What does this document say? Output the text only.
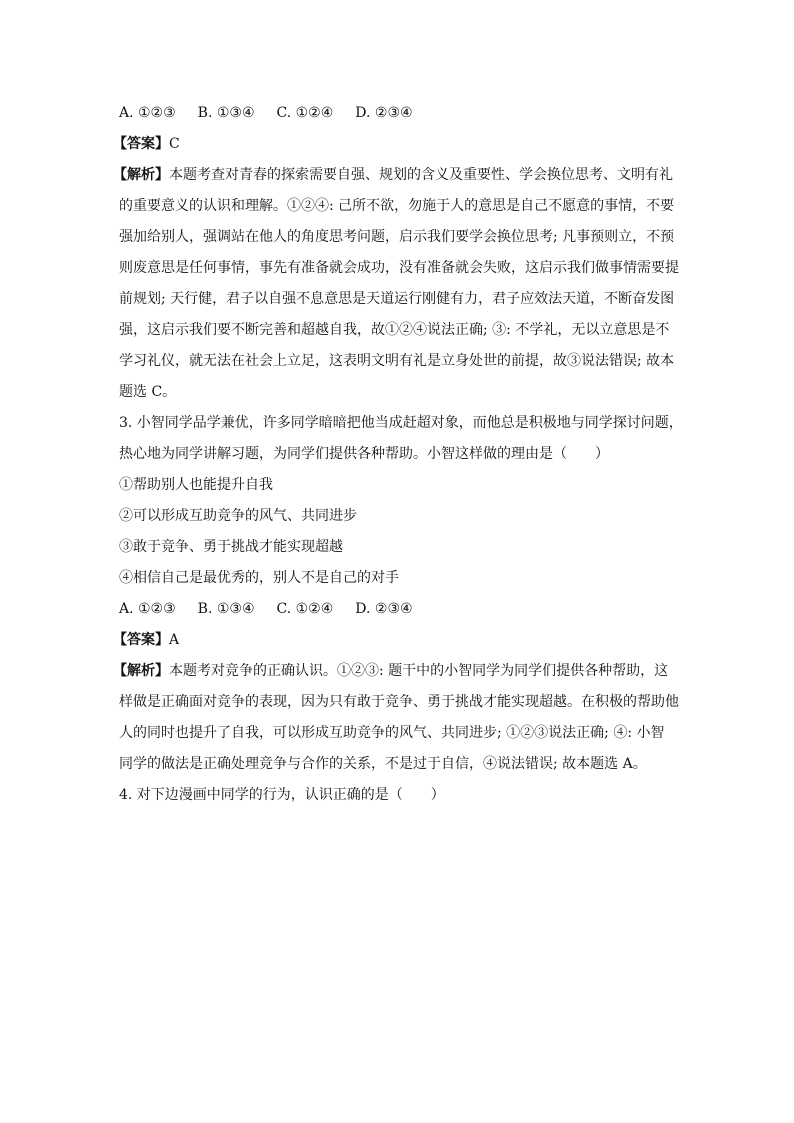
A. ①②③ B. ①③④ C. ①②④ D. ②③④
【答案】C
【解析】本题考查对青春的探索需要自强、规划的含义及重要性、学会换位思考、文明有礼
的重要意义的认识和理解。①②④: 己所不欲，勿施于人的意思是自己不愿意的事情，不要
强加给别人，强调站在他人的角度思考问题，启示我们要学会换位思考; 凡事预则立，不预
则废意思是任何事情，事先有准备就会成功，没有准备就会失败，这启示我们做事情需要提
前规划; 天行健，君子以自强不息意思是天道运行刚健有力，君子应效法天道，不断奋发图
强，这启示我们要不断完善和超越自我，故①②④说法正确; ③: 不学礼，无以立意思是不
学习礼仪，就无法在社会上立足，这表明文明有礼是立身处世的前提，故③说法错误; 故本
题选 C。
3. 小智同学品学兼优，许多同学暗暗把他当成赶超对象，而他总是积极地与同学探讨问题，
热心地为同学讲解习题，为同学们提供各种帮助。小智这样做的理由是（　　）
①帮助别人也能提升自我
②可以形成互助竞争的风气、共同进步
③敢于竞争、勇于挑战才能实现超越
④相信自己是最优秀的，别人不是自己的对手
A. ①②③ B. ①③④ C. ①②④ D. ②③④
【答案】A
【解析】本题考对竞争的正确认识。①②③: 题干中的小智同学为同学们提供各种帮助，这
样做是正确面对竞争的表现，因为只有敢于竞争、勇于挑战才能实现超越。在积极的帮助他
人的同时也提升了自我，可以形成互助竞争的风气、共同进步; ①②③说法正确; ④: 小智
同学的做法是正确处理竞争与合作的关系，不是过于自信，④说法错误; 故本题选 A。
4. 对下边漫画中同学的行为，认识正确的是（　　）
